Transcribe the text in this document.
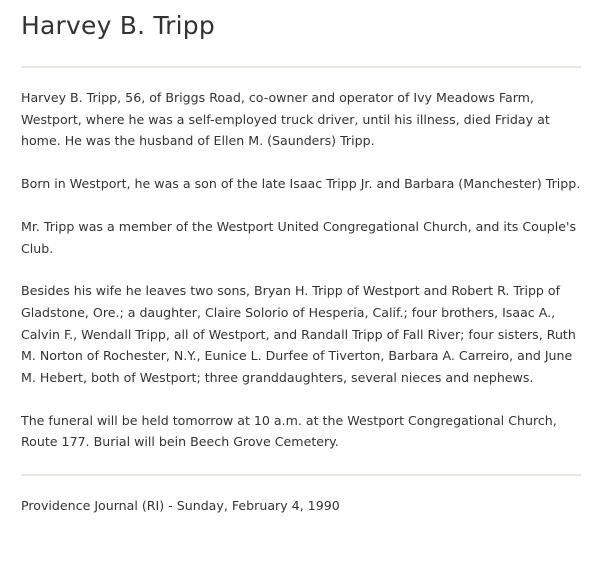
Harvey B. Tripp

Harvey B. Tripp, 56, of Briggs Road, co-owner and operator of Ivy Meadows Farm, Westport, where he was a self-employed truck driver, until his illness, died Friday at home. He was the husband of Ellen M. (Saunders) Tripp.

Born in Westport, he was a son of the late Isaac Tripp Jr. and Barbara (Manchester) Tripp.

Mr. Tripp was a member of the Westport United Congregational Church, and its Couple's Club.

Besides his wife he leaves two sons, Bryan H. Tripp of Westport and Robert R. Tripp of Gladstone, Ore.; a daughter, Claire Solorio of Hesperia, Calif.; four brothers, Isaac A., Calvin F., Wendall Tripp, all of Westport, and Randall Tripp of Fall River; four sisters, Ruth M. Norton of Rochester, N.Y., Eunice L. Durfee of Tiverton, Barbara A. Carreiro, and June M. Hebert, both of Westport; three granddaughters, several nieces and nephews.

The funeral will be held tomorrow at 10 a.m. at the Westport Congregational Church, Route 177. Burial will bein Beech Grove Cemetery.

Providence Journal (RI) - Sunday, February 4, 1990
